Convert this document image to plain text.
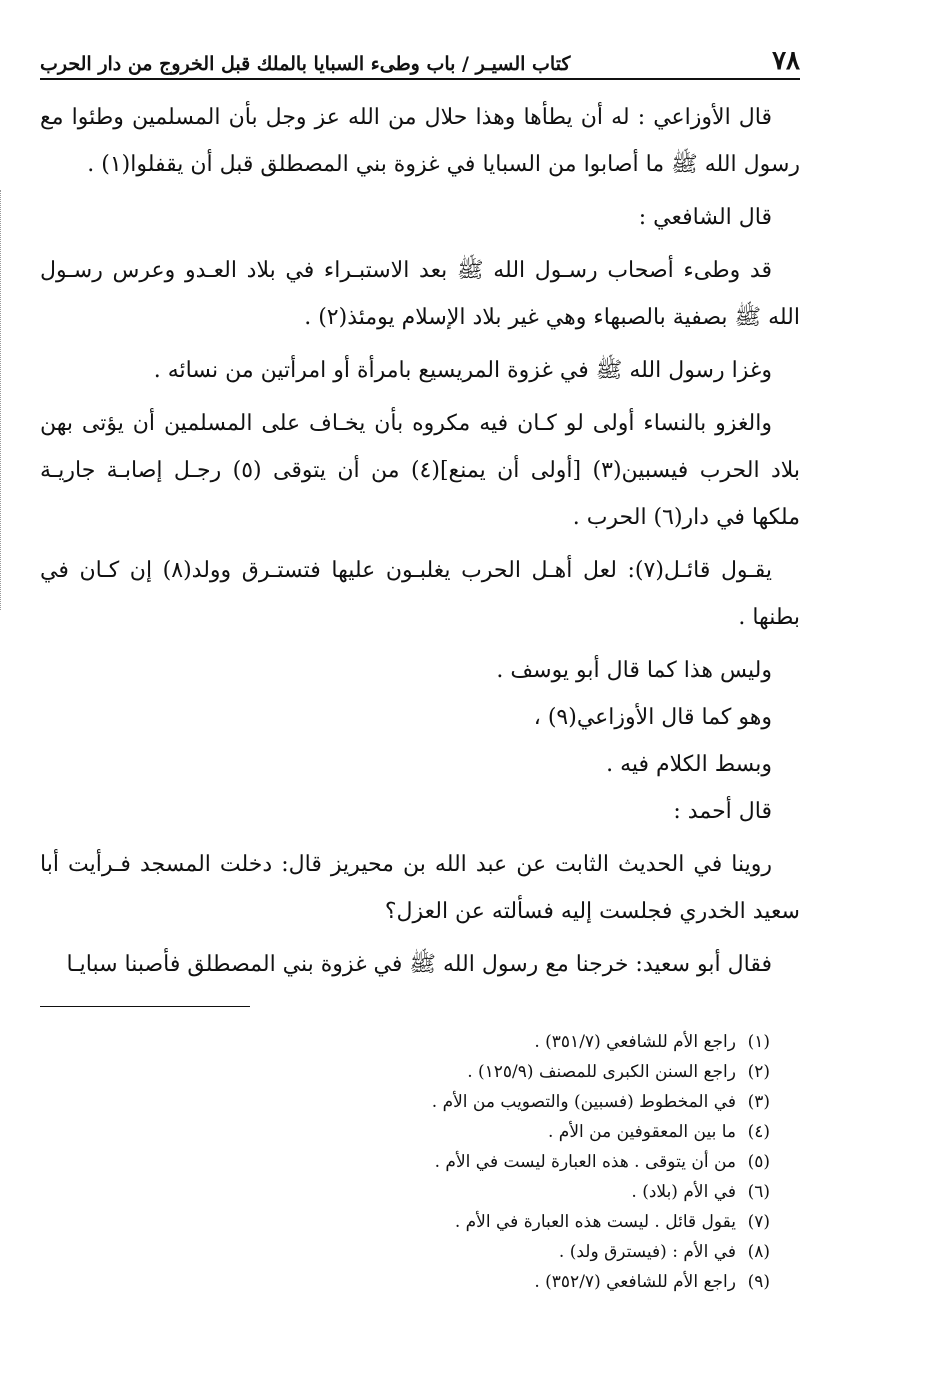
٧٨
كتاب السيـر / باب وطىء السبايا بالملك قبل الخروج من دار الحرب

قال الأوزاعي : له أن يطأها وهذا حلال من الله عز وجل بأن المسلمين وطئوا مع رسول الله ﷺ ما أصابوا من السبايا في غزوة بني المصطلق قبل أن يقفلوا(١) .

قال الشافعي :

قد وطىء أصحاب رسـول الله ﷺ بعد الاستبـراء في بلاد العـدو وعرس رسـول الله ﷺ بصفية بالصبهاء وهي غير بلاد الإسلام يومئذ(٢) .

وغزا رسول الله ﷺ في غزوة المريسيع بامرأة أو امرأتين من نسائه .

والغزو بالنساء أولى لو كـان فيه مكروه بأن يخـاف على المسلمين أن يؤتى بهن بلاد الحرب فيسبين(٣) [أولى أن يمنع](٤) من أن يتوقى (٥) رجـل إصابـة جاريـة ملكها في دار(٦) الحرب .

يقـول قائـل(٧): لعل أهـل الحرب يغلبـون عليها فتستـرق وولد(٨) إن كـان في بطنها .

وليس هذا كما قال أبو يوسف .

وهو كما قال الأوزاعي(٩) ،

وبسط الكلام فيه .

قال أحمد :

روينا في الحديث الثابت عن عبد الله بن محيريز قال: دخلت المسجد فـرأيت أبا سعيد الخدري فجلست إليه فسألته عن العزل؟

فقال أبو سعيد: خرجنا مع رسول الله ﷺ في غزوة بني المصطلق فأصبنا سبايـا

(١)
راجع الأم للشافعي (٣٥١/٧) .
(٢)
راجع السنن الكبرى للمصنف (١٢٥/٩) .
(٣)
في المخطوط (فسبين) والتصويب من الأم .
(٤)
ما بين المعقوفين من الأم .
(٥)
من أن يتوقى . هذه العبارة ليست في الأم .
(٦)
في الأم (بلاد) .
(٧)
يقول قائل . ليست هذه العبارة في الأم .
(٨)
في الأم : (فيسترق ولد) .
(٩)
راجع الأم للشافعي (٣٥٢/٧) .
